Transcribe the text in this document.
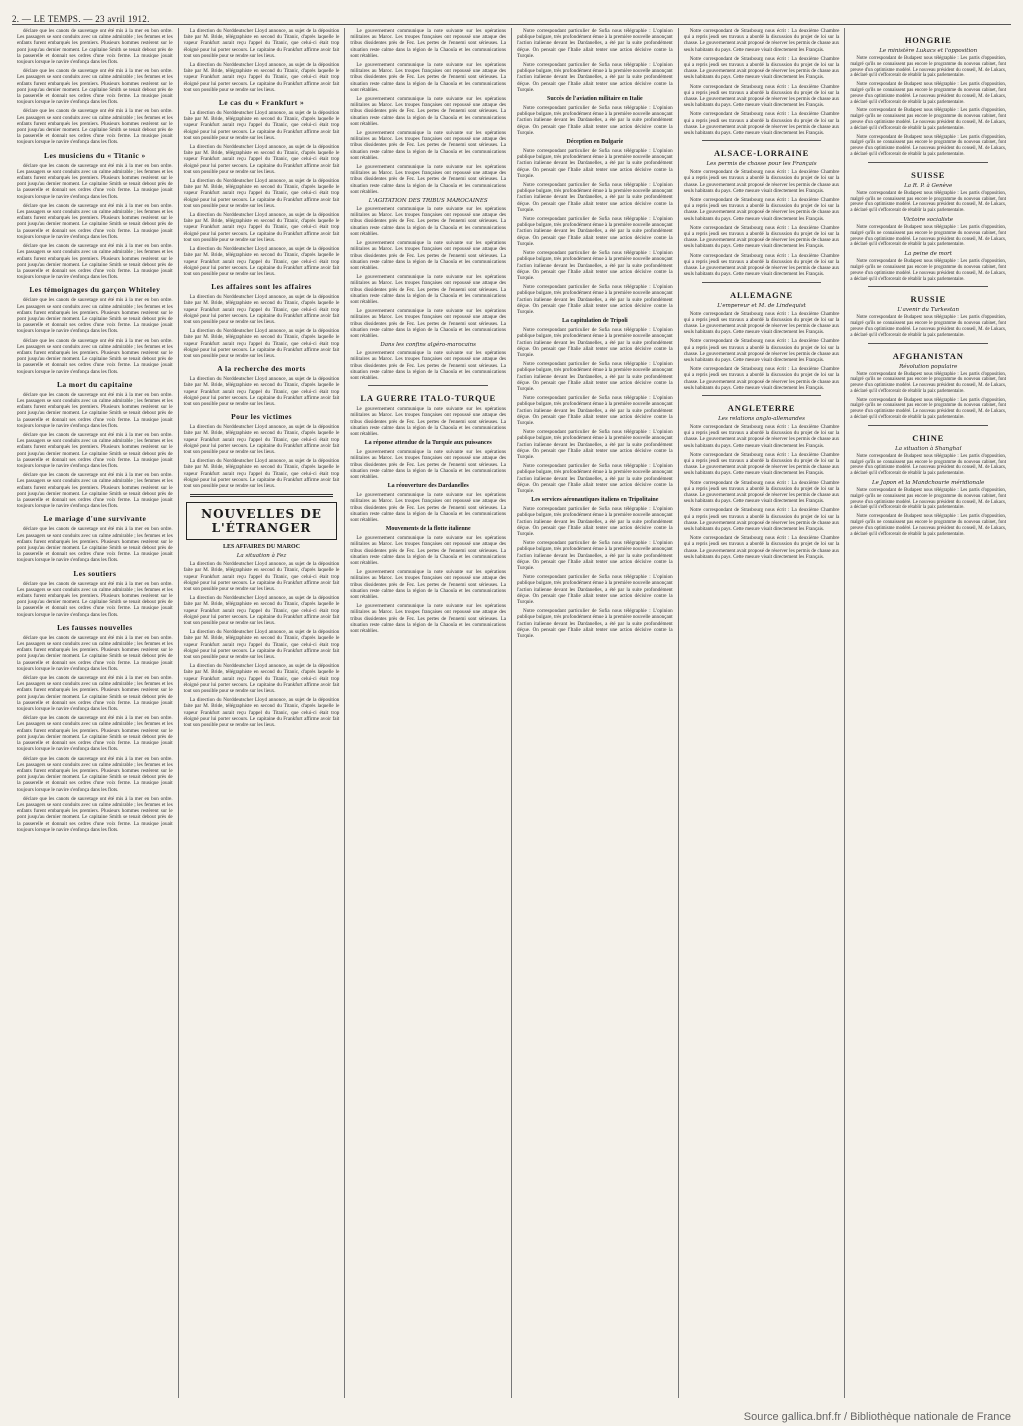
2. — LE TEMPS. — 23 avril 1912.

déclare que les canots de sauvetage ont été mis à la mer en bon ordre. Les passagers se sont conduits avec un calme admirable ; les femmes et les enfants furent embarqués les premiers. Plusieurs hommes restèrent sur le pont jusqu'au dernier moment. Le capitaine Smith se tenait debout près de la passerelle et donnait ses ordres d'une voix ferme. La musique jouait toujours lorsque le navire s'enfonça dans les flots.

déclare que les canots de sauvetage ont été mis à la mer en bon ordre. Les passagers se sont conduits avec un calme admirable ; les femmes et les enfants furent embarqués les premiers. Plusieurs hommes restèrent sur le pont jusqu'au dernier moment. Le capitaine Smith se tenait debout près de la passerelle et donnait ses ordres d'une voix ferme. La musique jouait toujours lorsque le navire s'enfonça dans les flots.

déclare que les canots de sauvetage ont été mis à la mer en bon ordre. Les passagers se sont conduits avec un calme admirable ; les femmes et les enfants furent embarqués les premiers. Plusieurs hommes restèrent sur le pont jusqu'au dernier moment. Le capitaine Smith se tenait debout près de la passerelle et donnait ses ordres d'une voix ferme. La musique jouait toujours lorsque le navire s'enfonça dans les flots.

Les musiciens du « Titanic »

déclare que les canots de sauvetage ont été mis à la mer en bon ordre. Les passagers se sont conduits avec un calme admirable ; les femmes et les enfants furent embarqués les premiers. Plusieurs hommes restèrent sur le pont jusqu'au dernier moment. Le capitaine Smith se tenait debout près de la passerelle et donnait ses ordres d'une voix ferme. La musique jouait toujours lorsque le navire s'enfonça dans les flots.

déclare que les canots de sauvetage ont été mis à la mer en bon ordre. Les passagers se sont conduits avec un calme admirable ; les femmes et les enfants furent embarqués les premiers. Plusieurs hommes restèrent sur le pont jusqu'au dernier moment. Le capitaine Smith se tenait debout près de la passerelle et donnait ses ordres d'une voix ferme. La musique jouait toujours lorsque le navire s'enfonça dans les flots.

déclare que les canots de sauvetage ont été mis à la mer en bon ordre. Les passagers se sont conduits avec un calme admirable ; les femmes et les enfants furent embarqués les premiers. Plusieurs hommes restèrent sur le pont jusqu'au dernier moment. Le capitaine Smith se tenait debout près de la passerelle et donnait ses ordres d'une voix ferme. La musique jouait toujours lorsque le navire s'enfonça dans les flots.

Les témoignages du garçon Whiteley

déclare que les canots de sauvetage ont été mis à la mer en bon ordre. Les passagers se sont conduits avec un calme admirable ; les femmes et les enfants furent embarqués les premiers. Plusieurs hommes restèrent sur le pont jusqu'au dernier moment. Le capitaine Smith se tenait debout près de la passerelle et donnait ses ordres d'une voix ferme. La musique jouait toujours lorsque le navire s'enfonça dans les flots.

déclare que les canots de sauvetage ont été mis à la mer en bon ordre. Les passagers se sont conduits avec un calme admirable ; les femmes et les enfants furent embarqués les premiers. Plusieurs hommes restèrent sur le pont jusqu'au dernier moment. Le capitaine Smith se tenait debout près de la passerelle et donnait ses ordres d'une voix ferme. La musique jouait toujours lorsque le navire s'enfonça dans les flots.

La mort du capitaine

déclare que les canots de sauvetage ont été mis à la mer en bon ordre. Les passagers se sont conduits avec un calme admirable ; les femmes et les enfants furent embarqués les premiers. Plusieurs hommes restèrent sur le pont jusqu'au dernier moment. Le capitaine Smith se tenait debout près de la passerelle et donnait ses ordres d'une voix ferme. La musique jouait toujours lorsque le navire s'enfonça dans les flots.

déclare que les canots de sauvetage ont été mis à la mer en bon ordre. Les passagers se sont conduits avec un calme admirable ; les femmes et les enfants furent embarqués les premiers. Plusieurs hommes restèrent sur le pont jusqu'au dernier moment. Le capitaine Smith se tenait debout près de la passerelle et donnait ses ordres d'une voix ferme. La musique jouait toujours lorsque le navire s'enfonça dans les flots.

déclare que les canots de sauvetage ont été mis à la mer en bon ordre. Les passagers se sont conduits avec un calme admirable ; les femmes et les enfants furent embarqués les premiers. Plusieurs hommes restèrent sur le pont jusqu'au dernier moment. Le capitaine Smith se tenait debout près de la passerelle et donnait ses ordres d'une voix ferme. La musique jouait toujours lorsque le navire s'enfonça dans les flots.

Le mariage d'une survivante

déclare que les canots de sauvetage ont été mis à la mer en bon ordre. Les passagers se sont conduits avec un calme admirable ; les femmes et les enfants furent embarqués les premiers. Plusieurs hommes restèrent sur le pont jusqu'au dernier moment. Le capitaine Smith se tenait debout près de la passerelle et donnait ses ordres d'une voix ferme. La musique jouait toujours lorsque le navire s'enfonça dans les flots.

Les soutiers

déclare que les canots de sauvetage ont été mis à la mer en bon ordre. Les passagers se sont conduits avec un calme admirable ; les femmes et les enfants furent embarqués les premiers. Plusieurs hommes restèrent sur le pont jusqu'au dernier moment. Le capitaine Smith se tenait debout près de la passerelle et donnait ses ordres d'une voix ferme. La musique jouait toujours lorsque le navire s'enfonça dans les flots.

Les fausses nouvelles

déclare que les canots de sauvetage ont été mis à la mer en bon ordre. Les passagers se sont conduits avec un calme admirable ; les femmes et les enfants furent embarqués les premiers. Plusieurs hommes restèrent sur le pont jusqu'au dernier moment. Le capitaine Smith se tenait debout près de la passerelle et donnait ses ordres d'une voix ferme. La musique jouait toujours lorsque le navire s'enfonça dans les flots.

déclare que les canots de sauvetage ont été mis à la mer en bon ordre. Les passagers se sont conduits avec un calme admirable ; les femmes et les enfants furent embarqués les premiers. Plusieurs hommes restèrent sur le pont jusqu'au dernier moment. Le capitaine Smith se tenait debout près de la passerelle et donnait ses ordres d'une voix ferme. La musique jouait toujours lorsque le navire s'enfonça dans les flots.

déclare que les canots de sauvetage ont été mis à la mer en bon ordre. Les passagers se sont conduits avec un calme admirable ; les femmes et les enfants furent embarqués les premiers. Plusieurs hommes restèrent sur le pont jusqu'au dernier moment. Le capitaine Smith se tenait debout près de la passerelle et donnait ses ordres d'une voix ferme. La musique jouait toujours lorsque le navire s'enfonça dans les flots.

déclare que les canots de sauvetage ont été mis à la mer en bon ordre. Les passagers se sont conduits avec un calme admirable ; les femmes et les enfants furent embarqués les premiers. Plusieurs hommes restèrent sur le pont jusqu'au dernier moment. Le capitaine Smith se tenait debout près de la passerelle et donnait ses ordres d'une voix ferme. La musique jouait toujours lorsque le navire s'enfonça dans les flots.

déclare que les canots de sauvetage ont été mis à la mer en bon ordre. Les passagers se sont conduits avec un calme admirable ; les femmes et les enfants furent embarqués les premiers. Plusieurs hommes restèrent sur le pont jusqu'au dernier moment. Le capitaine Smith se tenait debout près de la passerelle et donnait ses ordres d'une voix ferme. La musique jouait toujours lorsque le navire s'enfonça dans les flots.

La direction du Norddeutscher Lloyd annonce, au sujet de la déposition faite par M. Bride, télégraphiste en second du Titanic, d'après laquelle le vapeur Frankfurt aurait reçu l'appel du Titanic, que celui-ci était trop éloigné pour lui porter secours. Le capitaine du Frankfurt affirme avoir fait tout son possible pour se rendre sur les lieux.

La direction du Norddeutscher Lloyd annonce, au sujet de la déposition faite par M. Bride, télégraphiste en second du Titanic, d'après laquelle le vapeur Frankfurt aurait reçu l'appel du Titanic, que celui-ci était trop éloigné pour lui porter secours. Le capitaine du Frankfurt affirme avoir fait tout son possible pour se rendre sur les lieux.

Le cas du « Frankfurt »

La direction du Norddeutscher Lloyd annonce, au sujet de la déposition faite par M. Bride, télégraphiste en second du Titanic, d'après laquelle le vapeur Frankfurt aurait reçu l'appel du Titanic, que celui-ci était trop éloigné pour lui porter secours. Le capitaine du Frankfurt affirme avoir fait tout son possible pour se rendre sur les lieux.

La direction du Norddeutscher Lloyd annonce, au sujet de la déposition faite par M. Bride, télégraphiste en second du Titanic, d'après laquelle le vapeur Frankfurt aurait reçu l'appel du Titanic, que celui-ci était trop éloigné pour lui porter secours. Le capitaine du Frankfurt affirme avoir fait tout son possible pour se rendre sur les lieux.

La direction du Norddeutscher Lloyd annonce, au sujet de la déposition faite par M. Bride, télégraphiste en second du Titanic, d'après laquelle le vapeur Frankfurt aurait reçu l'appel du Titanic, que celui-ci était trop éloigné pour lui porter secours. Le capitaine du Frankfurt affirme avoir fait tout son possible pour se rendre sur les lieux.

La direction du Norddeutscher Lloyd annonce, au sujet de la déposition faite par M. Bride, télégraphiste en second du Titanic, d'après laquelle le vapeur Frankfurt aurait reçu l'appel du Titanic, que celui-ci était trop éloigné pour lui porter secours. Le capitaine du Frankfurt affirme avoir fait tout son possible pour se rendre sur les lieux.

La direction du Norddeutscher Lloyd annonce, au sujet de la déposition faite par M. Bride, télégraphiste en second du Titanic, d'après laquelle le vapeur Frankfurt aurait reçu l'appel du Titanic, que celui-ci était trop éloigné pour lui porter secours. Le capitaine du Frankfurt affirme avoir fait tout son possible pour se rendre sur les lieux.

Les affaires sont les affaires

La direction du Norddeutscher Lloyd annonce, au sujet de la déposition faite par M. Bride, télégraphiste en second du Titanic, d'après laquelle le vapeur Frankfurt aurait reçu l'appel du Titanic, que celui-ci était trop éloigné pour lui porter secours. Le capitaine du Frankfurt affirme avoir fait tout son possible pour se rendre sur les lieux.

La direction du Norddeutscher Lloyd annonce, au sujet de la déposition faite par M. Bride, télégraphiste en second du Titanic, d'après laquelle le vapeur Frankfurt aurait reçu l'appel du Titanic, que celui-ci était trop éloigné pour lui porter secours. Le capitaine du Frankfurt affirme avoir fait tout son possible pour se rendre sur les lieux.

A la recherche des morts

La direction du Norddeutscher Lloyd annonce, au sujet de la déposition faite par M. Bride, télégraphiste en second du Titanic, d'après laquelle le vapeur Frankfurt aurait reçu l'appel du Titanic, que celui-ci était trop éloigné pour lui porter secours. Le capitaine du Frankfurt affirme avoir fait tout son possible pour se rendre sur les lieux.

Pour les victimes

La direction du Norddeutscher Lloyd annonce, au sujet de la déposition faite par M. Bride, télégraphiste en second du Titanic, d'après laquelle le vapeur Frankfurt aurait reçu l'appel du Titanic, que celui-ci était trop éloigné pour lui porter secours. Le capitaine du Frankfurt affirme avoir fait tout son possible pour se rendre sur les lieux.

La direction du Norddeutscher Lloyd annonce, au sujet de la déposition faite par M. Bride, télégraphiste en second du Titanic, d'après laquelle le vapeur Frankfurt aurait reçu l'appel du Titanic, que celui-ci était trop éloigné pour lui porter secours. Le capitaine du Frankfurt affirme avoir fait tout son possible pour se rendre sur les lieux.

NOUVELLES DE L'ÉTRANGER
LES AFFAIRES DU MAROC
La situation à Fez

La direction du Norddeutscher Lloyd annonce, au sujet de la déposition faite par M. Bride, télégraphiste en second du Titanic, d'après laquelle le vapeur Frankfurt aurait reçu l'appel du Titanic, que celui-ci était trop éloigné pour lui porter secours. Le capitaine du Frankfurt affirme avoir fait tout son possible pour se rendre sur les lieux.

La direction du Norddeutscher Lloyd annonce, au sujet de la déposition faite par M. Bride, télégraphiste en second du Titanic, d'après laquelle le vapeur Frankfurt aurait reçu l'appel du Titanic, que celui-ci était trop éloigné pour lui porter secours. Le capitaine du Frankfurt affirme avoir fait tout son possible pour se rendre sur les lieux.

La direction du Norddeutscher Lloyd annonce, au sujet de la déposition faite par M. Bride, télégraphiste en second du Titanic, d'après laquelle le vapeur Frankfurt aurait reçu l'appel du Titanic, que celui-ci était trop éloigné pour lui porter secours. Le capitaine du Frankfurt affirme avoir fait tout son possible pour se rendre sur les lieux.

La direction du Norddeutscher Lloyd annonce, au sujet de la déposition faite par M. Bride, télégraphiste en second du Titanic, d'après laquelle le vapeur Frankfurt aurait reçu l'appel du Titanic, que celui-ci était trop éloigné pour lui porter secours. Le capitaine du Frankfurt affirme avoir fait tout son possible pour se rendre sur les lieux.

La direction du Norddeutscher Lloyd annonce, au sujet de la déposition faite par M. Bride, télégraphiste en second du Titanic, d'après laquelle le vapeur Frankfurt aurait reçu l'appel du Titanic, que celui-ci était trop éloigné pour lui porter secours. Le capitaine du Frankfurt affirme avoir fait tout son possible pour se rendre sur les lieux.

Le gouvernement communique la note suivante sur les opérations militaires au Maroc. Les troupes françaises ont repoussé une attaque des tribus dissidentes près de Fez. Les pertes de l'ennemi sont sérieuses. La situation reste calme dans la région de la Chaouïa et les communications sont rétablies.

Le gouvernement communique la note suivante sur les opérations militaires au Maroc. Les troupes françaises ont repoussé une attaque des tribus dissidentes près de Fez. Les pertes de l'ennemi sont sérieuses. La situation reste calme dans la région de la Chaouïa et les communications sont rétablies.

Le gouvernement communique la note suivante sur les opérations militaires au Maroc. Les troupes françaises ont repoussé une attaque des tribus dissidentes près de Fez. Les pertes de l'ennemi sont sérieuses. La situation reste calme dans la région de la Chaouïa et les communications sont rétablies.

Le gouvernement communique la note suivante sur les opérations militaires au Maroc. Les troupes françaises ont repoussé une attaque des tribus dissidentes près de Fez. Les pertes de l'ennemi sont sérieuses. La situation reste calme dans la région de la Chaouïa et les communications sont rétablies.

Le gouvernement communique la note suivante sur les opérations militaires au Maroc. Les troupes françaises ont repoussé une attaque des tribus dissidentes près de Fez. Les pertes de l'ennemi sont sérieuses. La situation reste calme dans la région de la Chaouïa et les communications sont rétablies.

L'AGITATION DES TRIBUS MAROCAINES

Le gouvernement communique la note suivante sur les opérations militaires au Maroc. Les troupes françaises ont repoussé une attaque des tribus dissidentes près de Fez. Les pertes de l'ennemi sont sérieuses. La situation reste calme dans la région de la Chaouïa et les communications sont rétablies.

Le gouvernement communique la note suivante sur les opérations militaires au Maroc. Les troupes françaises ont repoussé une attaque des tribus dissidentes près de Fez. Les pertes de l'ennemi sont sérieuses. La situation reste calme dans la région de la Chaouïa et les communications sont rétablies.

Le gouvernement communique la note suivante sur les opérations militaires au Maroc. Les troupes françaises ont repoussé une attaque des tribus dissidentes près de Fez. Les pertes de l'ennemi sont sérieuses. La situation reste calme dans la région de la Chaouïa et les communications sont rétablies.

Le gouvernement communique la note suivante sur les opérations militaires au Maroc. Les troupes françaises ont repoussé une attaque des tribus dissidentes près de Fez. Les pertes de l'ennemi sont sérieuses. La situation reste calme dans la région de la Chaouïa et les communications sont rétablies.

Dans les confins algéro-marocains

Le gouvernement communique la note suivante sur les opérations militaires au Maroc. Les troupes françaises ont repoussé une attaque des tribus dissidentes près de Fez. Les pertes de l'ennemi sont sérieuses. La situation reste calme dans la région de la Chaouïa et les communications sont rétablies.

LA GUERRE ITALO-TURQUE

Le gouvernement communique la note suivante sur les opérations militaires au Maroc. Les troupes françaises ont repoussé une attaque des tribus dissidentes près de Fez. Les pertes de l'ennemi sont sérieuses. La situation reste calme dans la région de la Chaouïa et les communications sont rétablies.

La réponse attendue de la Turquie aux puissances

Le gouvernement communique la note suivante sur les opérations militaires au Maroc. Les troupes françaises ont repoussé une attaque des tribus dissidentes près de Fez. Les pertes de l'ennemi sont sérieuses. La situation reste calme dans la région de la Chaouïa et les communications sont rétablies.

La réouverture des Dardanelles

Le gouvernement communique la note suivante sur les opérations militaires au Maroc. Les troupes françaises ont repoussé une attaque des tribus dissidentes près de Fez. Les pertes de l'ennemi sont sérieuses. La situation reste calme dans la région de la Chaouïa et les communications sont rétablies.

Mouvements de la flotte italienne

Le gouvernement communique la note suivante sur les opérations militaires au Maroc. Les troupes françaises ont repoussé une attaque des tribus dissidentes près de Fez. Les pertes de l'ennemi sont sérieuses. La situation reste calme dans la région de la Chaouïa et les communications sont rétablies.

Le gouvernement communique la note suivante sur les opérations militaires au Maroc. Les troupes françaises ont repoussé une attaque des tribus dissidentes près de Fez. Les pertes de l'ennemi sont sérieuses. La situation reste calme dans la région de la Chaouïa et les communications sont rétablies.

Le gouvernement communique la note suivante sur les opérations militaires au Maroc. Les troupes françaises ont repoussé une attaque des tribus dissidentes près de Fez. Les pertes de l'ennemi sont sérieuses. La situation reste calme dans la région de la Chaouïa et les communications sont rétablies.

Notre correspondant particulier de Sofia nous télégraphie : L'opinion publique bulgare, très profondément émue à la première nouvelle annonçant l'action italienne devant les Dardanelles, a été par la suite profondément déçue. On pensait que l'Italie allait tenter une action décisive contre la Turquie.

Notre correspondant particulier de Sofia nous télégraphie : L'opinion publique bulgare, très profondément émue à la première nouvelle annonçant l'action italienne devant les Dardanelles, a été par la suite profondément déçue. On pensait que l'Italie allait tenter une action décisive contre la Turquie.

Succès de l'aviation militaire en Italie

Notre correspondant particulier de Sofia nous télégraphie : L'opinion publique bulgare, très profondément émue à la première nouvelle annonçant l'action italienne devant les Dardanelles, a été par la suite profondément déçue. On pensait que l'Italie allait tenter une action décisive contre la Turquie.

Déception en Bulgarie

Notre correspondant particulier de Sofia nous télégraphie : L'opinion publique bulgare, très profondément émue à la première nouvelle annonçant l'action italienne devant les Dardanelles, a été par la suite profondément déçue. On pensait que l'Italie allait tenter une action décisive contre la Turquie.

Notre correspondant particulier de Sofia nous télégraphie : L'opinion publique bulgare, très profondément émue à la première nouvelle annonçant l'action italienne devant les Dardanelles, a été par la suite profondément déçue. On pensait que l'Italie allait tenter une action décisive contre la Turquie.

Notre correspondant particulier de Sofia nous télégraphie : L'opinion publique bulgare, très profondément émue à la première nouvelle annonçant l'action italienne devant les Dardanelles, a été par la suite profondément déçue. On pensait que l'Italie allait tenter une action décisive contre la Turquie.

Notre correspondant particulier de Sofia nous télégraphie : L'opinion publique bulgare, très profondément émue à la première nouvelle annonçant l'action italienne devant les Dardanelles, a été par la suite profondément déçue. On pensait que l'Italie allait tenter une action décisive contre la Turquie.

Notre correspondant particulier de Sofia nous télégraphie : L'opinion publique bulgare, très profondément émue à la première nouvelle annonçant l'action italienne devant les Dardanelles, a été par la suite profondément déçue. On pensait que l'Italie allait tenter une action décisive contre la Turquie.

La capitulation de Tripoli

Notre correspondant particulier de Sofia nous télégraphie : L'opinion publique bulgare, très profondément émue à la première nouvelle annonçant l'action italienne devant les Dardanelles, a été par la suite profondément déçue. On pensait que l'Italie allait tenter une action décisive contre la Turquie.

Notre correspondant particulier de Sofia nous télégraphie : L'opinion publique bulgare, très profondément émue à la première nouvelle annonçant l'action italienne devant les Dardanelles, a été par la suite profondément déçue. On pensait que l'Italie allait tenter une action décisive contre la Turquie.

Notre correspondant particulier de Sofia nous télégraphie : L'opinion publique bulgare, très profondément émue à la première nouvelle annonçant l'action italienne devant les Dardanelles, a été par la suite profondément déçue. On pensait que l'Italie allait tenter une action décisive contre la Turquie.

Notre correspondant particulier de Sofia nous télégraphie : L'opinion publique bulgare, très profondément émue à la première nouvelle annonçant l'action italienne devant les Dardanelles, a été par la suite profondément déçue. On pensait que l'Italie allait tenter une action décisive contre la Turquie.

Notre correspondant particulier de Sofia nous télégraphie : L'opinion publique bulgare, très profondément émue à la première nouvelle annonçant l'action italienne devant les Dardanelles, a été par la suite profondément déçue. On pensait que l'Italie allait tenter une action décisive contre la Turquie.

Les services aéronautiques italiens en Tripolitaine

Notre correspondant particulier de Sofia nous télégraphie : L'opinion publique bulgare, très profondément émue à la première nouvelle annonçant l'action italienne devant les Dardanelles, a été par la suite profondément déçue. On pensait que l'Italie allait tenter une action décisive contre la Turquie.

Notre correspondant particulier de Sofia nous télégraphie : L'opinion publique bulgare, très profondément émue à la première nouvelle annonçant l'action italienne devant les Dardanelles, a été par la suite profondément déçue. On pensait que l'Italie allait tenter une action décisive contre la Turquie.

Notre correspondant particulier de Sofia nous télégraphie : L'opinion publique bulgare, très profondément émue à la première nouvelle annonçant l'action italienne devant les Dardanelles, a été par la suite profondément déçue. On pensait que l'Italie allait tenter une action décisive contre la Turquie.

Notre correspondant particulier de Sofia nous télégraphie : L'opinion publique bulgare, très profondément émue à la première nouvelle annonçant l'action italienne devant les Dardanelles, a été par la suite profondément déçue. On pensait que l'Italie allait tenter une action décisive contre la Turquie.

Notre correspondant de Strasbourg nous écrit : La deuxième Chambre qui a repris jeudi ses travaux a abordé la discussion du projet de loi sur la chasse. Le gouvernement avait proposé de réserver les permis de chasse aux seuls habitants du pays. Cette mesure visait directement les Français.

Notre correspondant de Strasbourg nous écrit : La deuxième Chambre qui a repris jeudi ses travaux a abordé la discussion du projet de loi sur la chasse. Le gouvernement avait proposé de réserver les permis de chasse aux seuls habitants du pays. Cette mesure visait directement les Français.

Notre correspondant de Strasbourg nous écrit : La deuxième Chambre qui a repris jeudi ses travaux a abordé la discussion du projet de loi sur la chasse. Le gouvernement avait proposé de réserver les permis de chasse aux seuls habitants du pays. Cette mesure visait directement les Français.

Notre correspondant de Strasbourg nous écrit : La deuxième Chambre qui a repris jeudi ses travaux a abordé la discussion du projet de loi sur la chasse. Le gouvernement avait proposé de réserver les permis de chasse aux seuls habitants du pays. Cette mesure visait directement les Français.

ALSACE-LORRAINE
Les permis de chasse pour les Français

Notre correspondant de Strasbourg nous écrit : La deuxième Chambre qui a repris jeudi ses travaux a abordé la discussion du projet de loi sur la chasse. Le gouvernement avait proposé de réserver les permis de chasse aux seuls habitants du pays. Cette mesure visait directement les Français.

Notre correspondant de Strasbourg nous écrit : La deuxième Chambre qui a repris jeudi ses travaux a abordé la discussion du projet de loi sur la chasse. Le gouvernement avait proposé de réserver les permis de chasse aux seuls habitants du pays. Cette mesure visait directement les Français.

Notre correspondant de Strasbourg nous écrit : La deuxième Chambre qui a repris jeudi ses travaux a abordé la discussion du projet de loi sur la chasse. Le gouvernement avait proposé de réserver les permis de chasse aux seuls habitants du pays. Cette mesure visait directement les Français.

Notre correspondant de Strasbourg nous écrit : La deuxième Chambre qui a repris jeudi ses travaux a abordé la discussion du projet de loi sur la chasse. Le gouvernement avait proposé de réserver les permis de chasse aux seuls habitants du pays. Cette mesure visait directement les Français.

ALLEMAGNE
L'empereur et M. de Lindequist

Notre correspondant de Strasbourg nous écrit : La deuxième Chambre qui a repris jeudi ses travaux a abordé la discussion du projet de loi sur la chasse. Le gouvernement avait proposé de réserver les permis de chasse aux seuls habitants du pays. Cette mesure visait directement les Français.

Notre correspondant de Strasbourg nous écrit : La deuxième Chambre qui a repris jeudi ses travaux a abordé la discussion du projet de loi sur la chasse. Le gouvernement avait proposé de réserver les permis de chasse aux seuls habitants du pays. Cette mesure visait directement les Français.

Notre correspondant de Strasbourg nous écrit : La deuxième Chambre qui a repris jeudi ses travaux a abordé la discussion du projet de loi sur la chasse. Le gouvernement avait proposé de réserver les permis de chasse aux seuls habitants du pays. Cette mesure visait directement les Français.

ANGLETERRE
Les relations anglo-allemandes

Notre correspondant de Strasbourg nous écrit : La deuxième Chambre qui a repris jeudi ses travaux a abordé la discussion du projet de loi sur la chasse. Le gouvernement avait proposé de réserver les permis de chasse aux seuls habitants du pays. Cette mesure visait directement les Français.

Notre correspondant de Strasbourg nous écrit : La deuxième Chambre qui a repris jeudi ses travaux a abordé la discussion du projet de loi sur la chasse. Le gouvernement avait proposé de réserver les permis de chasse aux seuls habitants du pays. Cette mesure visait directement les Français.

Notre correspondant de Strasbourg nous écrit : La deuxième Chambre qui a repris jeudi ses travaux a abordé la discussion du projet de loi sur la chasse. Le gouvernement avait proposé de réserver les permis de chasse aux seuls habitants du pays. Cette mesure visait directement les Français.

Notre correspondant de Strasbourg nous écrit : La deuxième Chambre qui a repris jeudi ses travaux a abordé la discussion du projet de loi sur la chasse. Le gouvernement avait proposé de réserver les permis de chasse aux seuls habitants du pays. Cette mesure visait directement les Français.

Notre correspondant de Strasbourg nous écrit : La deuxième Chambre qui a repris jeudi ses travaux a abordé la discussion du projet de loi sur la chasse. Le gouvernement avait proposé de réserver les permis de chasse aux seuls habitants du pays. Cette mesure visait directement les Français.

HONGRIE
Le ministère Lukacs et l'opposition

Notre correspondant de Budapest nous télégraphie : Les partis d'opposition, malgré qu'ils ne connaissent pas encore le programme du nouveau cabinet, font preuve d'un optimisme modéré. Le nouveau président du conseil, M. de Lukacs, a déclaré qu'il s'efforcerait de rétablir la paix parlementaire.

Notre correspondant de Budapest nous télégraphie : Les partis d'opposition, malgré qu'ils ne connaissent pas encore le programme du nouveau cabinet, font preuve d'un optimisme modéré. Le nouveau président du conseil, M. de Lukacs, a déclaré qu'il s'efforcerait de rétablir la paix parlementaire.

Notre correspondant de Budapest nous télégraphie : Les partis d'opposition, malgré qu'ils ne connaissent pas encore le programme du nouveau cabinet, font preuve d'un optimisme modéré. Le nouveau président du conseil, M. de Lukacs, a déclaré qu'il s'efforcerait de rétablir la paix parlementaire.

Notre correspondant de Budapest nous télégraphie : Les partis d'opposition, malgré qu'ils ne connaissent pas encore le programme du nouveau cabinet, font preuve d'un optimisme modéré. Le nouveau président du conseil, M. de Lukacs, a déclaré qu'il s'efforcerait de rétablir la paix parlementaire.

SUISSE
La R. P. à Genève

Notre correspondant de Budapest nous télégraphie : Les partis d'opposition, malgré qu'ils ne connaissent pas encore le programme du nouveau cabinet, font preuve d'un optimisme modéré. Le nouveau président du conseil, M. de Lukacs, a déclaré qu'il s'efforcerait de rétablir la paix parlementaire.

Victoire socialiste

Notre correspondant de Budapest nous télégraphie : Les partis d'opposition, malgré qu'ils ne connaissent pas encore le programme du nouveau cabinet, font preuve d'un optimisme modéré. Le nouveau président du conseil, M. de Lukacs, a déclaré qu'il s'efforcerait de rétablir la paix parlementaire.

La peine de mort

Notre correspondant de Budapest nous télégraphie : Les partis d'opposition, malgré qu'ils ne connaissent pas encore le programme du nouveau cabinet, font preuve d'un optimisme modéré. Le nouveau président du conseil, M. de Lukacs, a déclaré qu'il s'efforcerait de rétablir la paix parlementaire.

RUSSIE
L'avenir du Turkestan

Notre correspondant de Budapest nous télégraphie : Les partis d'opposition, malgré qu'ils ne connaissent pas encore le programme du nouveau cabinet, font preuve d'un optimisme modéré. Le nouveau président du conseil, M. de Lukacs, a déclaré qu'il s'efforcerait de rétablir la paix parlementaire.

AFGHANISTAN
Révolution populaire

Notre correspondant de Budapest nous télégraphie : Les partis d'opposition, malgré qu'ils ne connaissent pas encore le programme du nouveau cabinet, font preuve d'un optimisme modéré. Le nouveau président du conseil, M. de Lukacs, a déclaré qu'il s'efforcerait de rétablir la paix parlementaire.

Notre correspondant de Budapest nous télégraphie : Les partis d'opposition, malgré qu'ils ne connaissent pas encore le programme du nouveau cabinet, font preuve d'un optimisme modéré. Le nouveau président du conseil, M. de Lukacs, a déclaré qu'il s'efforcerait de rétablir la paix parlementaire.

CHINE
La situation à Shanghaï

Notre correspondant de Budapest nous télégraphie : Les partis d'opposition, malgré qu'ils ne connaissent pas encore le programme du nouveau cabinet, font preuve d'un optimisme modéré. Le nouveau président du conseil, M. de Lukacs, a déclaré qu'il s'efforcerait de rétablir la paix parlementaire.

Le Japon et la Mandchourie méridionale

Notre correspondant de Budapest nous télégraphie : Les partis d'opposition, malgré qu'ils ne connaissent pas encore le programme du nouveau cabinet, font preuve d'un optimisme modéré. Le nouveau président du conseil, M. de Lukacs, a déclaré qu'il s'efforcerait de rétablir la paix parlementaire.

Notre correspondant de Budapest nous télégraphie : Les partis d'opposition, malgré qu'ils ne connaissent pas encore le programme du nouveau cabinet, font preuve d'un optimisme modéré. Le nouveau président du conseil, M. de Lukacs, a déclaré qu'il s'efforcerait de rétablir la paix parlementaire.

Source gallica.bnf.fr / Bibliothèque nationale de France
